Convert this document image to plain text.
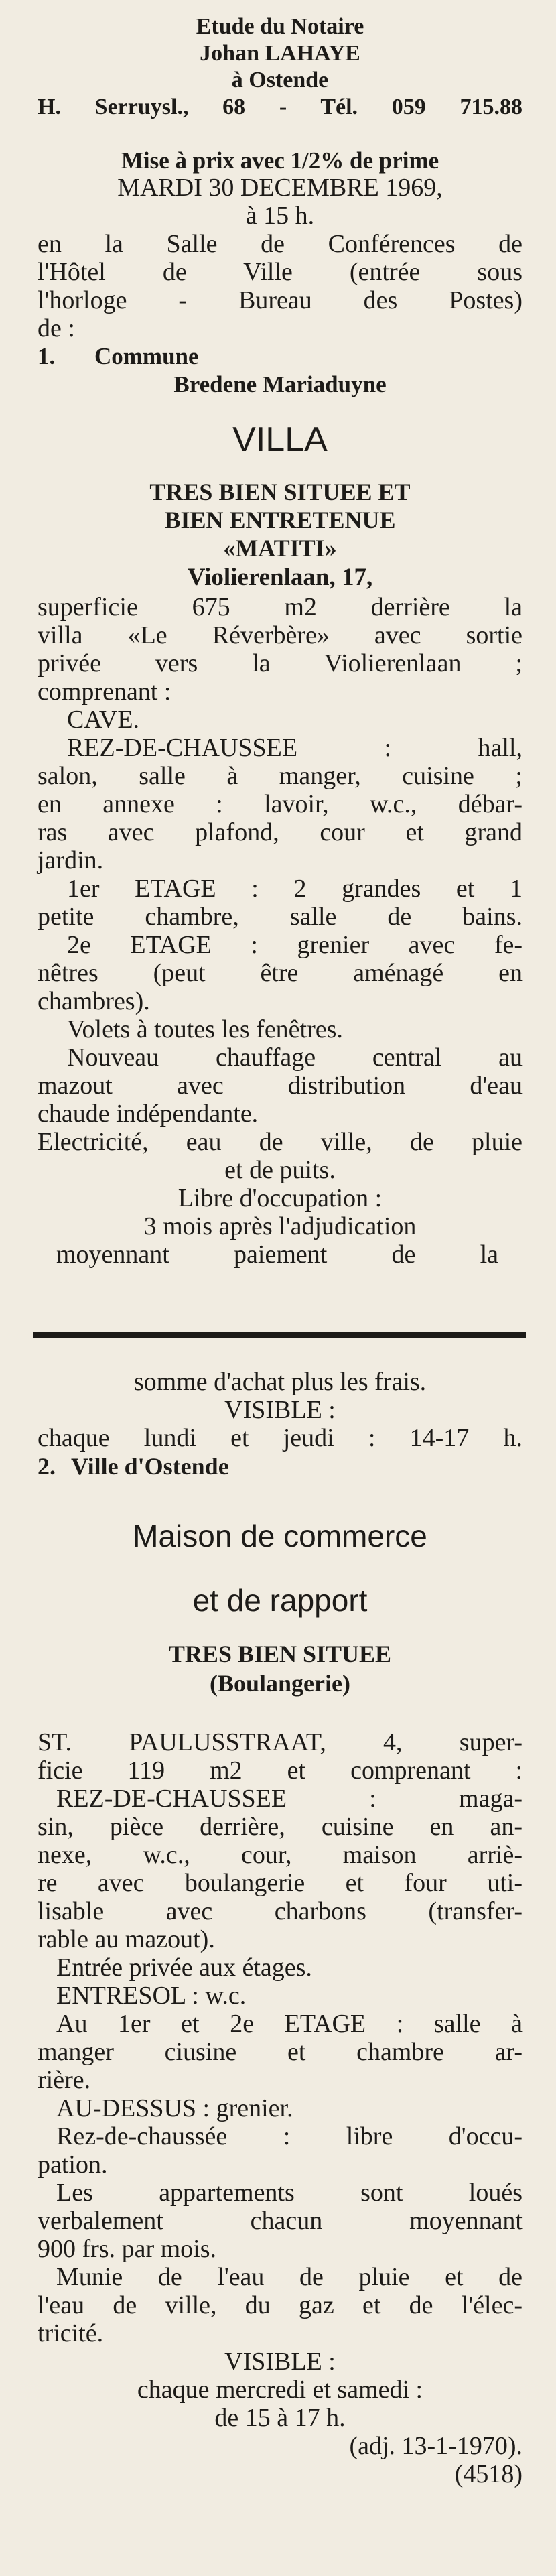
Etude du Notaire
Johan LAHAYE
à Ostende
H. Serruysl., 68 - Tél. 059 715.88
Mise à prix avec 1/2% de prime
MARDI 30 DECEMBRE 1969,
à 15 h.
en la Salle de Conférences de
l'Hôtel de Ville (entrée sous
l'horloge - Bureau des Postes)
de :
1. Commune
Bredene Mariaduyne
VILLA
TRES BIEN SITUEE ET
BIEN ENTRETENUE
«MATITI»
Violierenlaan, 17,
superficie 675 m2 derrière la
villa «Le Réverbère» avec sortie
privée vers la Violierenlaan ;
comprenant :
CAVE.
REZ-DE-CHAUSSEE : hall,
salon, salle à manger, cuisine ;
en annexe : lavoir, w.c., débar-
ras avec plafond, cour et grand
jardin.
1er ETAGE : 2 grandes et 1
petite chambre, salle de bains.
2e ETAGE : grenier avec fe-
nêtres (peut être aménagé en
chambres).
Volets à toutes les fenêtres.
Nouveau chauffage central au
mazout avec distribution d'eau
chaude indépendante.
Electricité, eau de ville, de pluie
et de puits.
Libre d'occupation :
3 mois après l'adjudication
moyennant paiement de la
somme d'achat plus les frais.
VISIBLE :
chaque lundi et jeudi : 14-17 h.
2. Ville d'Ostende
Maison de commerce
et de rapport
TRES BIEN SITUEE
(Boulangerie)
ST. PAULUSSTRAAT, 4, super-
ficie 119 m2 et comprenant :
REZ-DE-CHAUSSEE : maga-
sin, pièce derrière, cuisine en an-
nexe, w.c., cour, maison arriè-
re avec boulangerie et four uti-
lisable avec charbons (transfer-
rable au mazout).
Entrée privée aux étages.
ENTRESOL : w.c.
Au 1er et 2e ETAGE : salle à
manger ciusine et chambre ar-
rière.
AU-DESSUS : grenier.
Rez-de-chaussée : libre d'occu-
pation.
Les appartements sont loués
verbalement chacun moyennant
900 frs. par mois.
Munie de l'eau de pluie et de
l'eau de ville, du gaz et de l'élec-
tricité.
VISIBLE :
chaque mercredi et samedi :
de 15 à 17 h.
(adj. 13-1-1970).
(4518)
